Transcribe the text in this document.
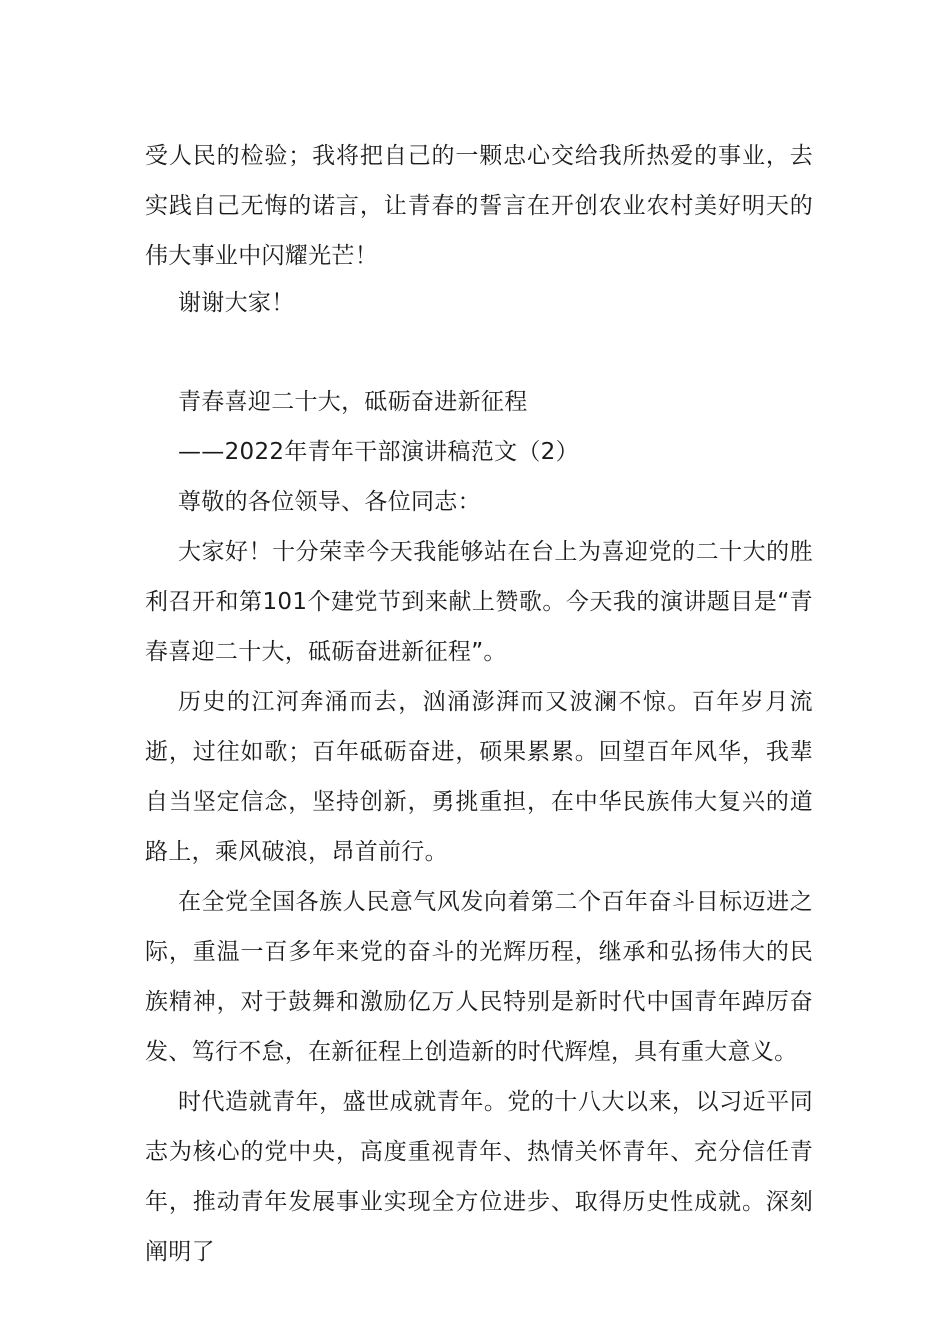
受人民的检验；我将把自己的一颗忠心交给我所热爱的事业，去实践自己无悔的诺言，让青春的誓言在开创农业农村美好明天的伟大事业中闪耀光芒！

谢谢大家！

青春喜迎二十大，砥砺奋进新征程

——2022年青年干部演讲稿范文（2）

尊敬的各位领导、各位同志：

大家好！十分荣幸今天我能够站在台上为喜迎党的二十大的胜利召开和第101个建党节到来献上赞歌。今天我的演讲题目是“青春喜迎二十大，砥砺奋进新征程”。

历史的江河奔涌而去，汹涌澎湃而又波澜不惊。百年岁月流逝，过往如歌；百年砥砺奋进，硕果累累。回望百年风华，我辈自当坚定信念，坚持创新，勇挑重担，在中华民族伟大复兴的道路上，乘风破浪，昂首前行。

在全党全国各族人民意气风发向着第二个百年奋斗目标迈进之际，重温一百多年来党的奋斗的光辉历程，继承和弘扬伟大的民族精神，对于鼓舞和激励亿万人民特别是新时代中国青年踔厉奋发、笃行不怠，在新征程上创造新的时代辉煌，具有重大意义。

时代造就青年，盛世成就青年。党的十八大以来，以习近平同志为核心的党中央，高度重视青年、热情关怀青年、充分信任青年，推动青年发展事业实现全方位进步、取得历史性成就。深刻阐明了
